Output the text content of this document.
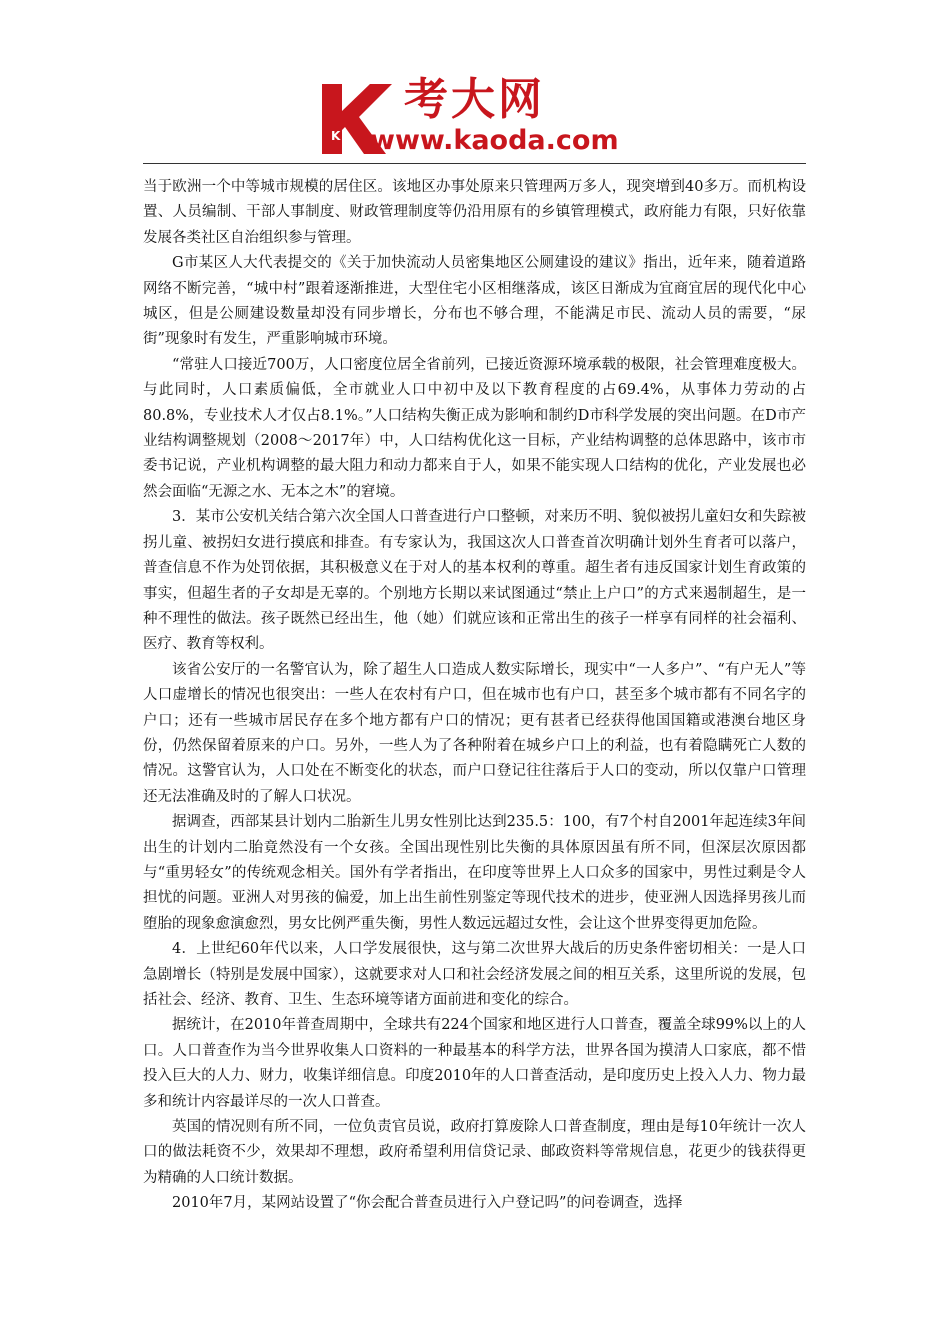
K
考大网
www.kaoda.com

当于欧洲一个中等城市规模的居住区。该地区办事处原来只管理两万多人，现突增到40多万。而机构设置、人员编制、干部人事制度、财政管理制度等仍沿用原有的乡镇管理模式，政府能力有限，只好依靠发展各类社区自治组织参与管理。

G市某区人大代表提交的《关于加快流动人员密集地区公厕建设的建议》指出，近年来，随着道路网络不断完善，“城中村”跟着逐渐推进，大型住宅小区相继落成，该区日渐成为宜商宜居的现代化中心城区，但是公厕建设数量却没有同步增长，分布也不够合理，不能满足市民、流动人员的需要，“尿街”现象时有发生，严重影响城市环境。

“常驻人口接近700万，人口密度位居全省前列，已接近资源环境承载的极限，社会管理难度极大。与此同时，人口素质偏低，全市就业人口中初中及以下教育程度的占69.4%，从事体力劳动的占80.8%，专业技术人才仅占8.1%。”人口结构失衡正成为影响和制约D市科学发展的突出问题。在D市产业结构调整规划（2008～2017年）中，人口结构优化这一目标，产业结构调整的总体思路中，该市市委书记说，产业机构调整的最大阻力和动力都来自于人，如果不能实现人口结构的优化，产业发展也必然会面临“无源之水、无本之木”的窘境。

3．某市公安机关结合第六次全国人口普查进行户口整顿，对来历不明、貌似被拐儿童妇女和失踪被拐儿童、被拐妇女进行摸底和排查。有专家认为，我国这次人口普查首次明确计划外生育者可以落户，普查信息不作为处罚依据，其积极意义在于对人的基本权利的尊重。超生者有违反国家计划生育政策的事实，但超生者的子女却是无辜的。个别地方长期以来试图通过“禁止上户口”的方式来遏制超生，是一种不理性的做法。孩子既然已经出生，他（她）们就应该和正常出生的孩子一样享有同样的社会福利、医疗、教育等权利。

该省公安厅的一名警官认为，除了超生人口造成人数实际增长，现实中“一人多户”、“有户无人”等人口虚增长的情况也很突出：一些人在农村有户口，但在城市也有户口，甚至多个城市都有不同名字的户口；还有一些城市居民存在多个地方都有户口的情况；更有甚者已经获得他国国籍或港澳台地区身份，仍然保留着原来的户口。另外，一些人为了各种附着在城乡户口上的利益，也有着隐瞒死亡人数的情况。这警官认为，人口处在不断变化的状态，而户口登记往往落后于人口的变动，所以仅靠户口管理还无法准确及时的了解人口状况。

据调查，西部某县计划内二胎新生儿男女性别比达到235.5：100，有7个村自2001年起连续3年间出生的计划内二胎竟然没有一个女孩。全国出现性别比失衡的具体原因虽有所不同，但深层次原因都与“重男轻女”的传统观念相关。国外有学者指出，在印度等世界上人口众多的国家中，男性过剩是令人担忧的问题。亚洲人对男孩的偏爱，加上出生前性别鉴定等现代技术的进步，使亚洲人因选择男孩儿而堕胎的现象愈演愈烈，男女比例严重失衡，男性人数远远超过女性，会让这个世界变得更加危险。

4．上世纪60年代以来，人口学发展很快，这与第二次世界大战后的历史条件密切相关：一是人口急剧增长（特别是发展中国家），这就要求对人口和社会经济发展之间的相互关系，这里所说的发展，包括社会、经济、教育、卫生、生态环境等诸方面前进和变化的综合。

据统计，在2010年普查周期中，全球共有224个国家和地区进行人口普查，覆盖全球99%以上的人口。人口普查作为当今世界收集人口资料的一种最基本的科学方法，世界各国为摸清人口家底，都不惜投入巨大的人力、财力，收集详细信息。印度2010年的人口普查活动，是印度历史上投入人力、物力最多和统计内容最详尽的一次人口普查。

英国的情况则有所不同，一位负责官员说，政府打算废除人口普查制度，理由是每10年统计一次人口的做法耗资不少，效果却不理想，政府希望利用信贷记录、邮政资料等常规信息，花更少的钱获得更为精确的人口统计数据。

2010年7月，某网站设置了“你会配合普查员进行入户登记吗”的问卷调查，选择
